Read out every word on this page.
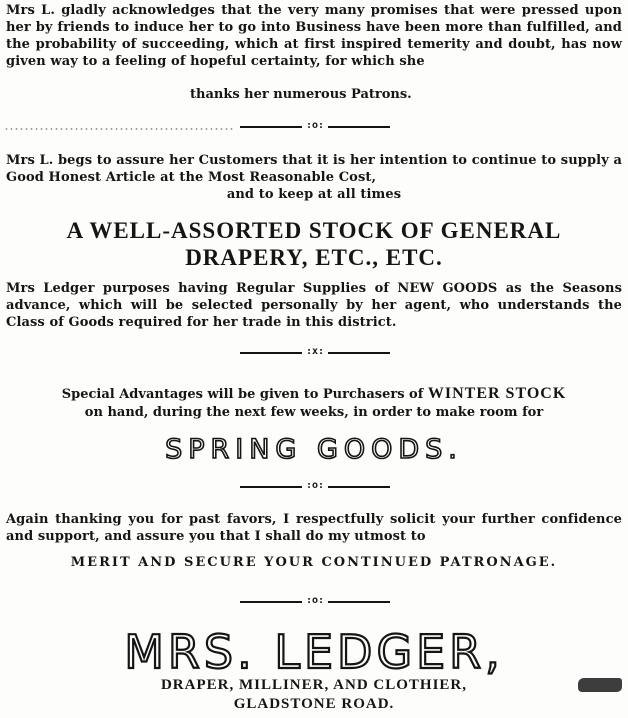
Mrs L. gladly acknowledges that the very many promises that were pressed upon her by friends to induce her to go into Business have been more than fulfilled, and the probability of succeeding, which at first inspired temerity and doubt, has now given way to a feeling of hopeful certainty, for which she

thanks her numerous Patrons.

:o:

Mrs L. begs to assure her Customers that it is her intention to continue to supply a Good Honest Article at the Most Reasonable Cost,
and to keep at all times

A WELL-ASSORTED STOCK OF GENERAL
DRAPERY, ETC., ETC.

Mrs Ledger purposes having Regular Supplies of NEW GOODS as the Seasons advance, which will be selected personally by her agent, who understands the Class of Goods required for her trade in this district.

:x:
Special Advantages will be given to Purchasers of WINTER STOCK
on hand, during the next few weeks, in order to make room for
SPRING GOODS.
:o:

Again thanking you for past favors, I respectfully solicit your further confidence and support, and assure you that I shall do my utmost to

MERIT AND SECURE YOUR CONTINUED PATRONAGE.
:o:
MRS. LEDGER,
DRAPER, MILLINER, AND CLOTHIER,
GLADSTONE ROAD.
